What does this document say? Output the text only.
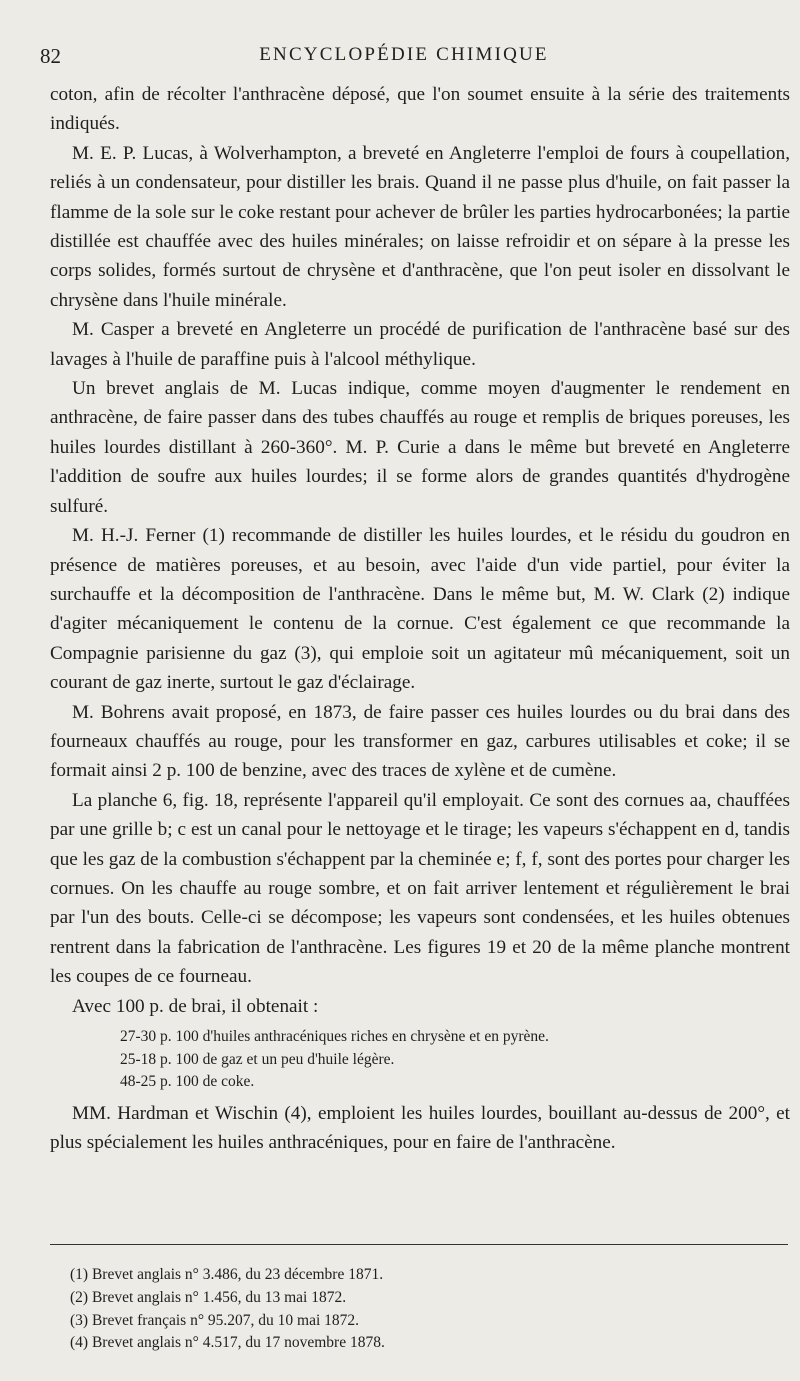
82	ENCYCLOPÉDIE CHIMIQUE

coton, afin de récolter l'anthracène déposé, que l'on soumet ensuite à la série des traitements indiqués.

M. E. P. Lucas, à Wolverhampton, a breveté en Angleterre l'emploi de fours à coupellation, reliés à un condensateur, pour distiller les brais. Quand il ne passe plus d'huile, on fait passer la flamme de la sole sur le coke restant pour achever de brûler les parties hydrocarbonées; la partie distillée est chauffée avec des huiles minérales; on laisse refroidir et on sépare à la presse les corps solides, formés surtout de chrysène et d'anthracène, que l'on peut isoler en dissolvant le chrysène dans l'huile minérale.

M. Casper a breveté en Angleterre un procédé de purification de l'anthracène basé sur des lavages à l'huile de paraffine puis à l'alcool méthylique.

Un brevet anglais de M. Lucas indique, comme moyen d'augmenter le rendement en anthracène, de faire passer dans des tubes chauffés au rouge et remplis de briques poreuses, les huiles lourdes distillant à 260-360°. M. P. Curie a dans le même but breveté en Angleterre l'addition de soufre aux huiles lourdes; il se forme alors de grandes quantités d'hydrogène sulfuré.

M. H.-J. Ferner (1) recommande de distiller les huiles lourdes, et le résidu du goudron en présence de matières poreuses, et au besoin, avec l'aide d'un vide partiel, pour éviter la surchauffe et la décomposition de l'anthracène. Dans le même but, M. W. Clark (2) indique d'agiter mécaniquement le contenu de la cornue. C'est également ce que recommande la Compagnie parisienne du gaz (3), qui emploie soit un agitateur mû mécaniquement, soit un courant de gaz inerte, surtout le gaz d'éclairage.

M. Bohrens avait proposé, en 1873, de faire passer ces huiles lourdes ou du brai dans des fourneaux chauffés au rouge, pour les transformer en gaz, carbures utilisables et coke; il se formait ainsi 2 p. 100 de benzine, avec des traces de xylène et de cumène.

La planche 6, fig. 18, représente l'appareil qu'il employait. Ce sont des cornues aa, chauffées par une grille b; c est un canal pour le nettoyage et le tirage; les vapeurs s'échappent en d, tandis que les gaz de la combustion s'échappent par la cheminée e; f, f, sont des portes pour charger les cornues. On les chauffe au rouge sombre, et on fait arriver lentement et régulièrement le brai par l'un des bouts. Celle-ci se décompose; les vapeurs sont condensées, et les huiles obtenues rentrent dans la fabrication de l'anthracène. Les figures 19 et 20 de la même planche montrent les coupes de ce fourneau.

Avec 100 p. de brai, il obtenait :

27-30 p. 100 d'huiles anthracéniques riches en chrysène et en pyrène.
25-18 p. 100 de gaz et un peu d'huile légère.
48-25 p. 100 de coke.

MM. Hardman et Wischin (4), emploient les huiles lourdes, bouillant au-dessus de 200°, et plus spécialement les huiles anthracéniques, pour en faire de l'anthracène.

(1) Brevet anglais n° 3.486, du 23 décembre 1871.
(2) Brevet anglais n° 1.456, du 13 mai 1872.
(3) Brevet français n° 95.207, du 10 mai 1872.
(4) Brevet anglais n° 4.517, du 17 novembre 1878.
